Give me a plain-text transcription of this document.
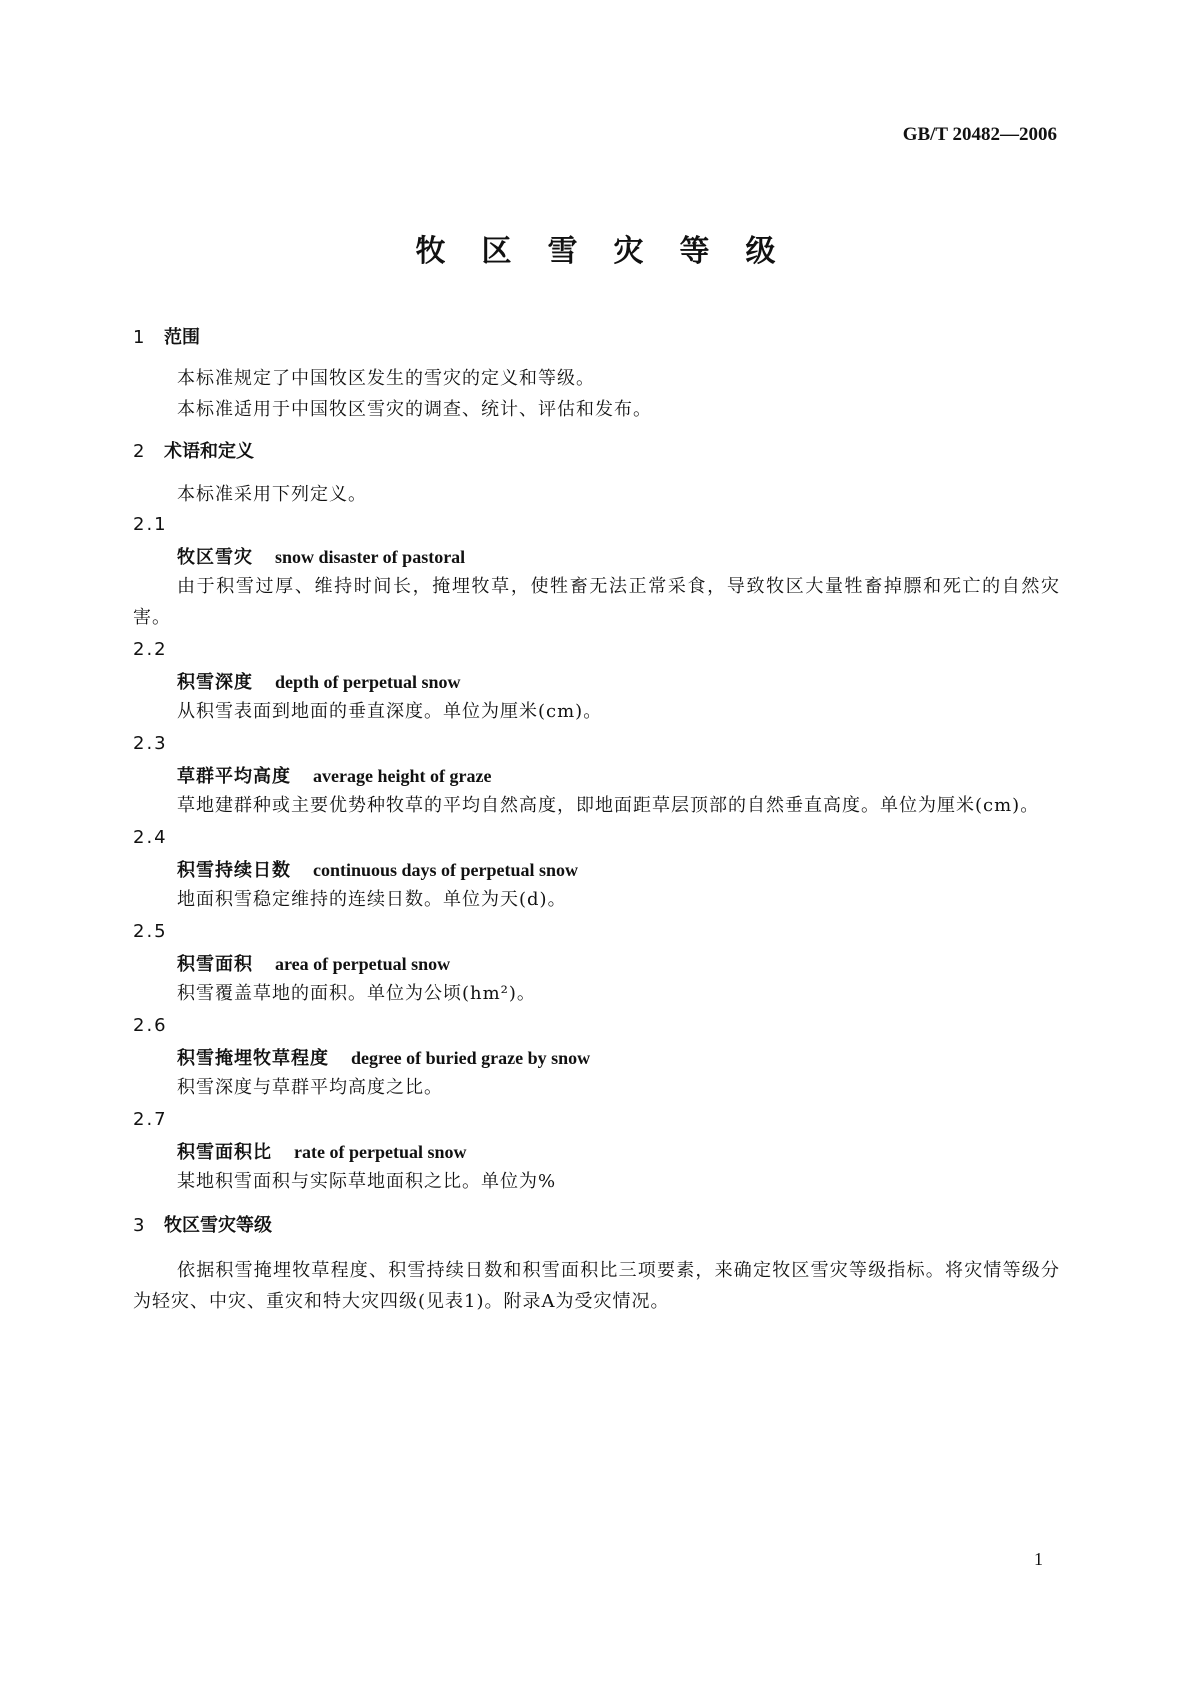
GB/T 20482—2006
牧区雪灾等级

1 范围

本标准规定了中国牧区发生的雪灾的定义和等级。

本标准适用于中国牧区雪灾的调查、统计、评估和发布。

2 术语和定义

本标准采用下列定义。

2.1

牧区雪灾 snow disaster of pastoral

由于积雪过厚、维持时间长，掩埋牧草，使牲畜无法正常采食，导致牧区大量牲畜掉膘和死亡的自然灾害。

2.2

积雪深度 depth of perpetual snow

从积雪表面到地面的垂直深度。单位为厘米(cm)。

2.3

草群平均高度 average height of graze

草地建群种或主要优势种牧草的平均自然高度，即地面距草层顶部的自然垂直高度。单位为厘米(cm)。

2.4

积雪持续日数 continuous days of perpetual snow

地面积雪稳定维持的连续日数。单位为天(d)。

2.5

积雪面积 area of perpetual snow

积雪覆盖草地的面积。单位为公顷(hm²)。

2.6

积雪掩埋牧草程度 degree of buried graze by snow

积雪深度与草群平均高度之比。

2.7

积雪面积比 rate of perpetual snow

某地积雪面积与实际草地面积之比。单位为%

3 牧区雪灾等级

依据积雪掩埋牧草程度、积雪持续日数和积雪面积比三项要素，来确定牧区雪灾等级指标。将灾情等级分为轻灾、中灾、重灾和特大灾四级(见表1)。附录A为受灾情况。

1
